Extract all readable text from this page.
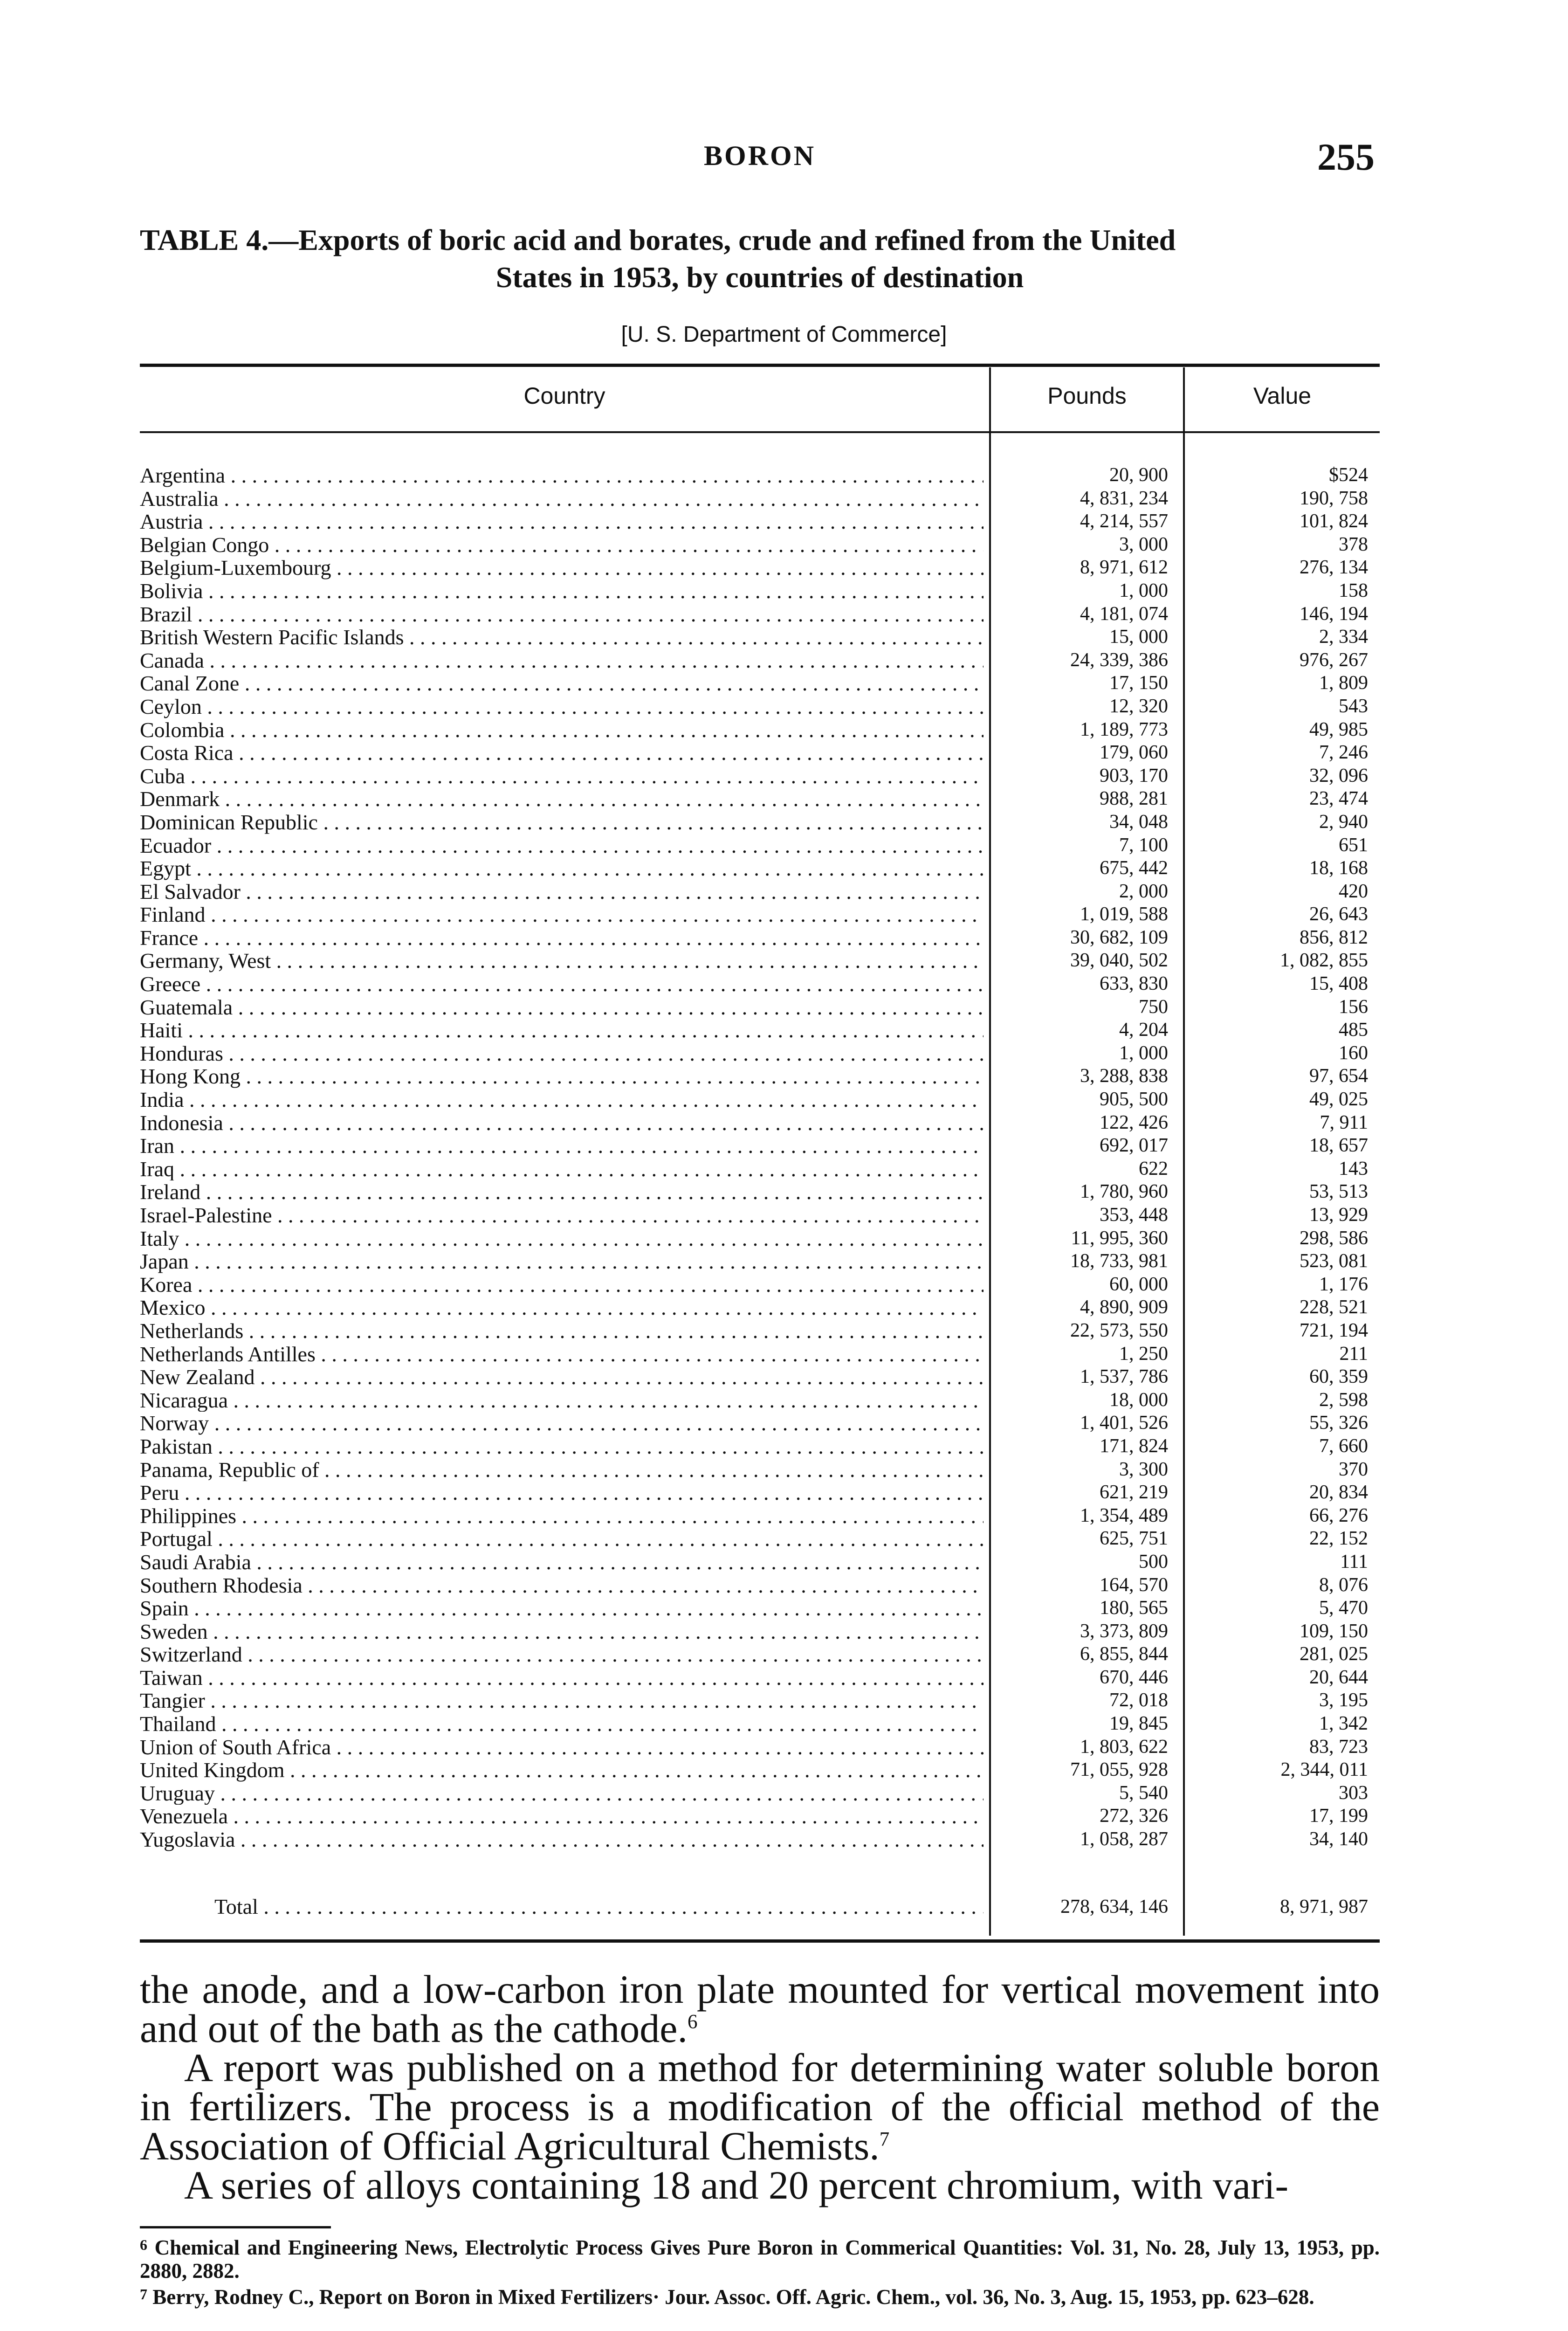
BORON	255
TABLE 4.—Exports of boric acid and borates, crude and refined from the United
States in 1953, by countries of destination
[U. S. Department of Commerce]
Country	Pounds	Value
Argentina . . .	20, 900	$524
Australia . . .	4, 831, 234	190, 758
Austria . . .	4, 214, 557	101, 824
Belgian Congo . . .	3, 000	378
Belgium-Luxembourg . . .	8, 971, 612	276, 134
Bolivia . . .	1, 000	158
Brazil . . .	4, 181, 074	146, 194
British Western Pacific Islands . . .	15, 000	2, 334
Canada . . .	24, 339, 386	976, 267
Canal Zone . . .	17, 150	1, 809
Ceylon . . .	12, 320	543
Colombia . . .	1, 189, 773	49, 985
Costa Rica . . .	179, 060	7, 246
Cuba . . .	903, 170	32, 096
Denmark . . .	988, 281	23, 474
Dominican Republic . . .	34, 048	2, 940
Ecuador . . .	7, 100	651
Egypt . . .	675, 442	18, 168
El Salvador . . .	2, 000	420
Finland . . .	1, 019, 588	26, 643
France . . .	30, 682, 109	856, 812
Germany, West . . .	39, 040, 502	1, 082, 855
Greece . . .	633, 830	15, 408
Guatemala . . .	750	156
Haiti . . .	4, 204	485
Honduras . . .	1, 000	160
Hong Kong . . .	3, 288, 838	97, 654
India . . .	905, 500	49, 025
Indonesia . . .	122, 426	7, 911
Iran . . .	692, 017	18, 657
Iraq . . .	622	143
Ireland . . .	1, 780, 960	53, 513
Israel-Palestine . . .	353, 448	13, 929
Italy . . .	11, 995, 360	298, 586
Japan . . .	18, 733, 981	523, 081
Korea . . .	60, 000	1, 176
Mexico . . .	4, 890, 909	228, 521
Netherlands . . .	22, 573, 550	721, 194
Netherlands Antilles . . .	1, 250	211
New Zealand . . .	1, 537, 786	60, 359
Nicaragua . . .	18, 000	2, 598
Norway . . .	1, 401, 526	55, 326
Pakistan . . .	171, 824	7, 660
Panama, Republic of . . .	3, 300	370
Peru . . .	621, 219	20, 834
Philippines . . .	1, 354, 489	66, 276
Portugal . . .	625, 751	22, 152
Saudi Arabia . . .	500	111
Southern Rhodesia . . .	164, 570	8, 076
Spain . . .	180, 565	5, 470
Sweden . . .	3, 373, 809	109, 150
Switzerland . . .	6, 855, 844	281, 025
Taiwan . . .	670, 446	20, 644
Tangier . . .	72, 018	3, 195
Thailand . . .	19, 845	1, 342
Union of South Africa . . .	1, 803, 622	83, 723
United Kingdom . . .	71, 055, 928	2, 344, 011
Uruguay . . .	5, 540	303
Venezuela . . .	272, 326	17, 199
Yugoslavia . . .	1, 058, 287	34, 140
Total . . .	278, 634, 146	8, 971, 987

the anode, and a low-carbon iron plate mounted for vertical movement into and out of the bath as the cathode.$^6$

A report was published on a method for determining water soluble boron in fertilizers. The process is a modification of the official method of the Association of Official Agricultural Chemists.$^7$

A series of alloys containing 18 and 20 percent chromium, with vari-

$^6$ Chemical and Engineering News, Electrolytic Process Gives Pure Boron in Commerical Quantities: Vol. 31, No. 28, July 13, 1953, pp. 2880, 2882.

$^7$ Berry, Rodney C., Report on Boron in Mixed Fertilizers· Jour. Assoc. Off. Agric. Chem., vol. 36, No. 3, Aug. 15, 1953, pp. 623–628.
